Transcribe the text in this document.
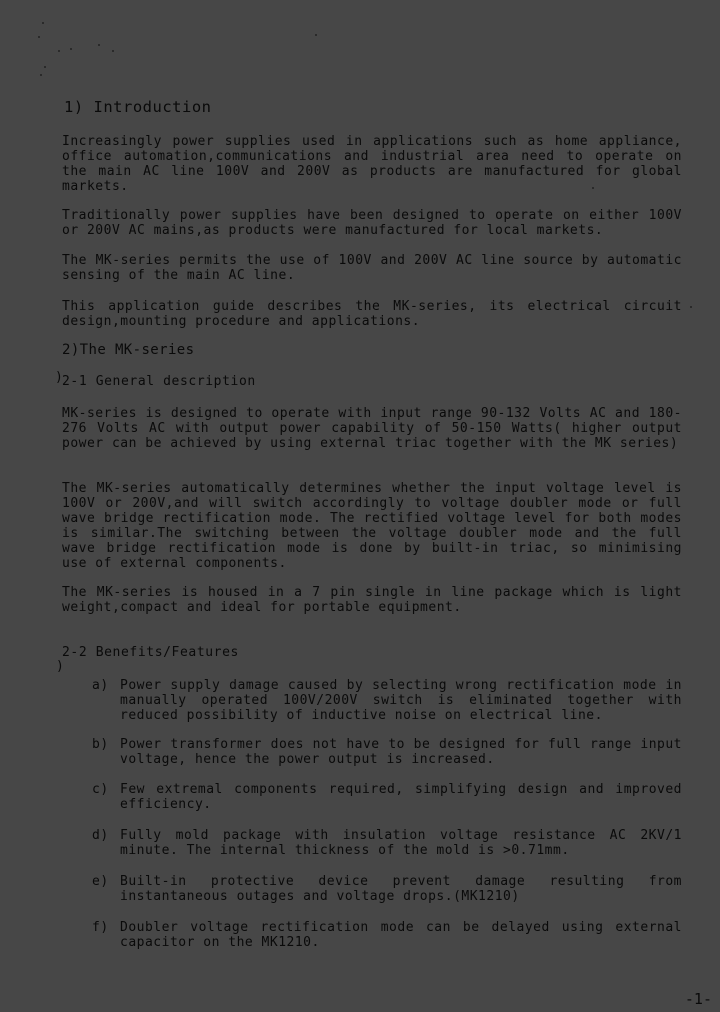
1) Introduction

Increasingly power supplies used in applications such as home appliance, office automation,communications and industrial area need to operate on the main AC line 100V and 200V as products are manufactured for global markets.

Traditionally power supplies have been designed to operate on either 100V or 200V AC mains,as products were manufactured for local markets.

The MK-series permits the use of 100V and 200V AC line source by automatic sensing of the main AC line.

This application guide describes the MK-series, its electrical circuit design,mounting procedure and applications.

2)The MK-series
) 2-1 General description

MK-series is designed to operate with input range 90-132 Volts AC and 180-276 Volts AC with output power capability of 50-150 Watts( higher output power can be achieved by using external triac together with the MK series)

The MK-series automatically determines whether the input voltage level is 100V or 200V,and will switch accordingly to voltage doubler mode or full wave bridge rectification mode. The rectified voltage level for both modes is similar.The switching between the voltage doubler mode and the full wave bridge rectification mode is done by built-in triac, so minimising use of external components.

The MK-series is housed in a 7 pin single in line package which is light weight,compact and ideal for portable equipment.

2-2 Benefits/Features
)
a) Power supply damage caused by selecting wrong rectification mode in manually operated 100V/200V switch is eliminated together with reduced possibility of inductive noise on electrical line.
b) Power transformer does not have to be designed for full range input voltage, hence the power output is increased.
c) Few extremal components required, simplifying design and improved efficiency.
d) Fully mold package with insulation voltage resistance AC 2KV/1 minute. The internal thickness of the mold is >0.71mm.
e) Built-in protective device prevent damage resulting from instantaneous outages and voltage drops.(MK1210)
f) Doubler voltage rectification mode can be delayed using external capacitor on the MK1210.
-1-
